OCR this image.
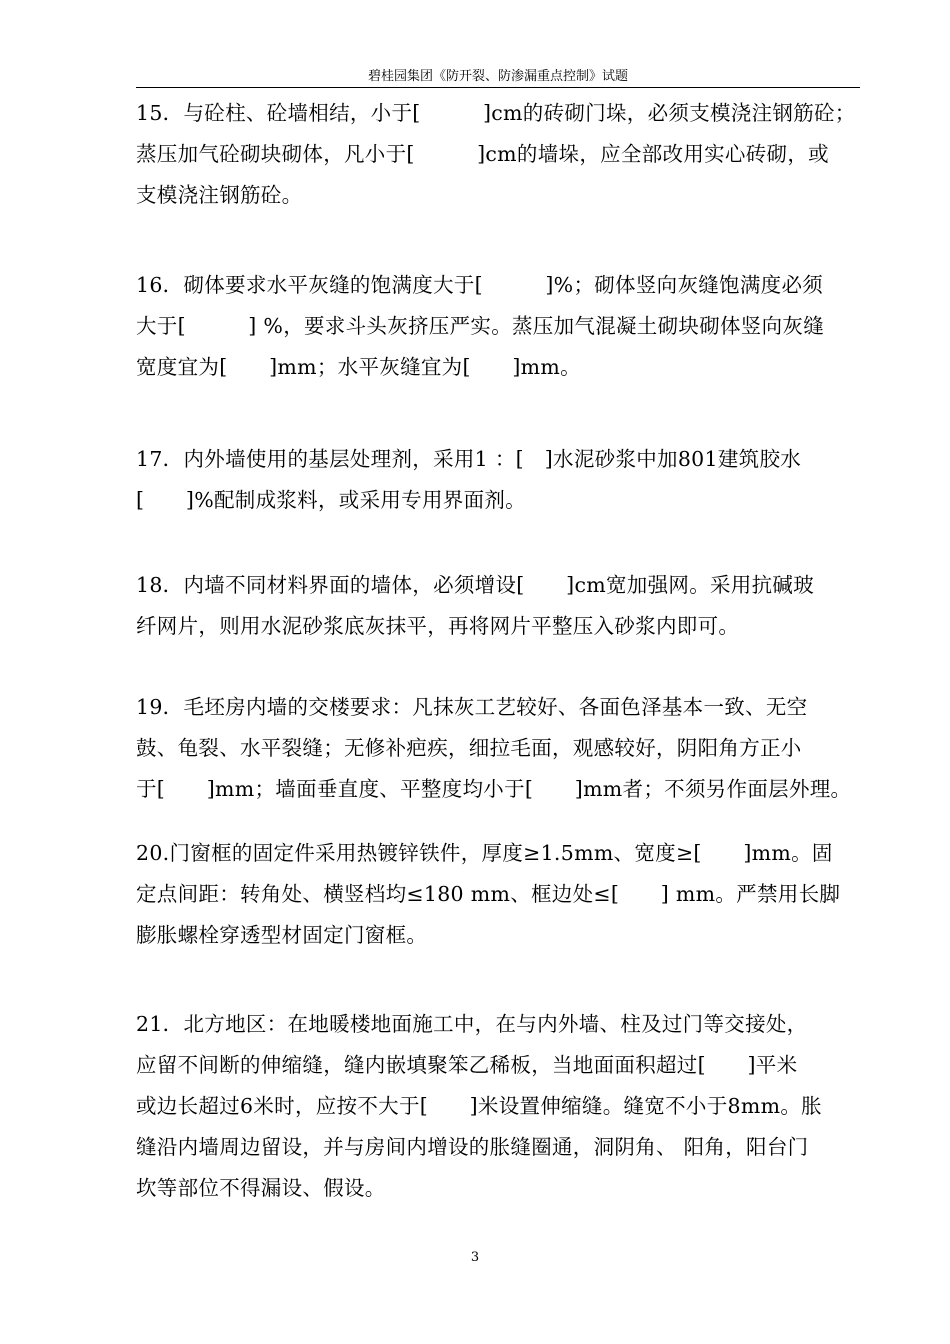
碧桂园集团《防开裂、防渗漏重点控制》试题
15．与砼柱、砼墙相结，小于[　　　]cm的砖砌门垛，必须支模浇注钢筋砼；
蒸压加气砼砌块砌体，凡小于[　　　]cm的墙垛，应全部改用实心砖砌，或
支模浇注钢筋砼。
16．砌体要求水平灰缝的饱满度大于[　　　]%；砌体竖向灰缝饱满度必须
大于[　　　] %，要求斗头灰挤压严实。蒸压加气混凝土砌块砌体竖向灰缝
宽度宜为[　　]mm；水平灰缝宜为[　　]mm。
17．内外墙使用的基层处理剂，采用1 ：[　]水泥砂浆中加801建筑胶水
[　　]%配制成浆料，或采用专用界面剂。
18．内墙不同材料界面的墙体，必须增设[　　]cm宽加强网。采用抗碱玻
纤网片，则用水泥砂浆底灰抹平，再将网片平整压入砂浆内即可。
19．毛坯房内墙的交楼要求：凡抹灰工艺较好、各面色泽基本一致、无空
鼓、龟裂、水平裂缝；无修补疤疾，细拉毛面，观感较好，阴阳角方正小
于[　　]mm；墙面垂直度、平整度均小于[　　]mm者；不须另作面层外理。
20.门窗框的固定件采用热镀锌铁件，厚度≥1.5mm、宽度≥[　　]mm。固
定点间距：转角处、横竖档均≤180 mm、框边处≤[　　] mm。严禁用长脚
膨胀螺栓穿透型材固定门窗框。
21．北方地区：在地暖楼地面施工中，在与内外墙、柱及过门等交接处，
应留不间断的伸缩缝，缝内嵌填聚笨乙稀板，当地面面积超过[　　]平米
或边长超过6米时，应按不大于[　　]米设置伸缩缝。缝宽不小于8mm。胀
缝沿内墙周边留设，并与房间内增设的胀缝圈通，洞阴角、 阳角，阳台门
坎等部位不得漏设、假设。
3
